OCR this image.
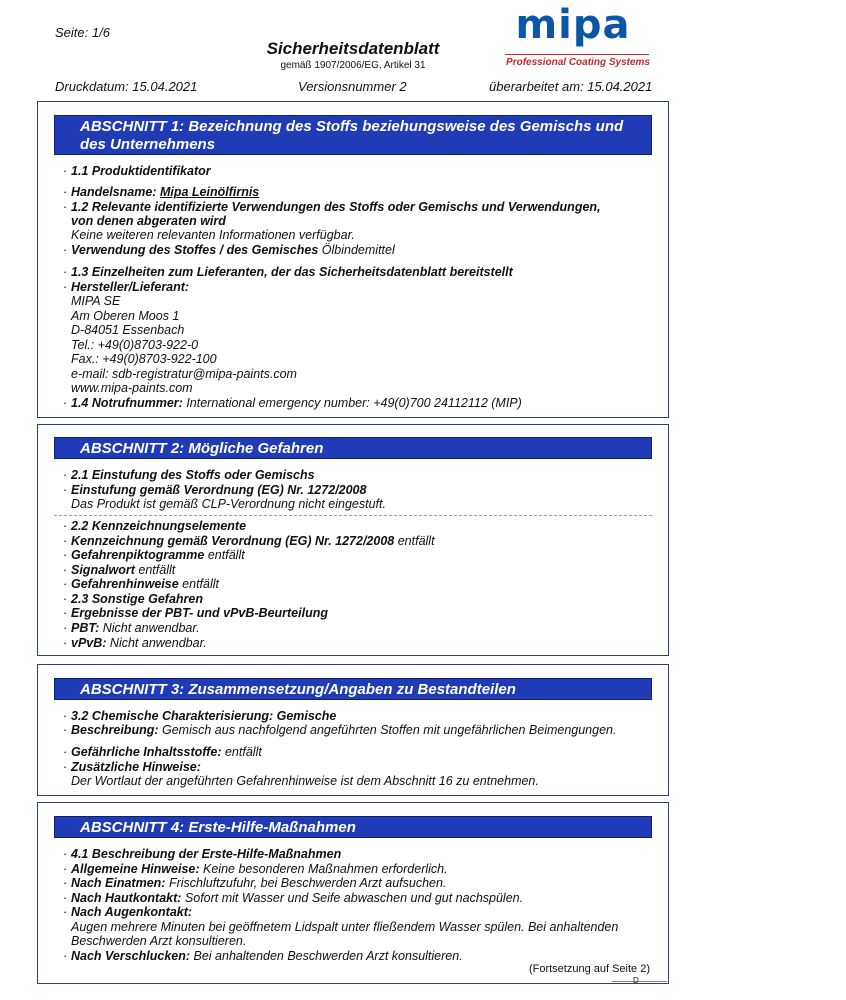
Seite: 1/6
Sicherheitsdatenblatt
gemäß 1907/2006/EG, Artikel 31
mipa
Professional Coating Systems
Druckdatum: 15.04.2021	Versionsnummer 2	überarbeitet am: 15.04.2021
ABSCHNITT 1: Bezeichnung des Stoffs beziehungsweise des Gemischs und
des Unternehmens
· 1.1 Produktidentifikator
· Handelsname: Mipa Leinölfirnis
· 1.2 Relevante identifizierte Verwendungen des Stoffs oder Gemischs und Verwendungen,
von denen abgeraten wird
Keine weiteren relevanten Informationen verfügbar.
· Verwendung des Stoffes / des Gemisches Ölbindemittel
· 1.3 Einzelheiten zum Lieferanten, der das Sicherheitsdatenblatt bereitstellt
· Hersteller/Lieferant:
MIPA SE
Am Oberen Moos 1
D-84051 Essenbach
Tel.: +49(0)8703-922-0
Fax.: +49(0)8703-922-100
e-mail: sdb-registratur@mipa-paints.com
www.mipa-paints.com
· 1.4 Notrufnummer: International emergency number: +49(0)700 24112112 (MIP)
ABSCHNITT 2: Mögliche Gefahren
· 2.1 Einstufung des Stoffs oder Gemischs
· Einstufung gemäß Verordnung (EG) Nr. 1272/2008
Das Produkt ist gemäß CLP-Verordnung nicht eingestuft.
· 2.2 Kennzeichnungselemente
· Kennzeichnung gemäß Verordnung (EG) Nr. 1272/2008 entfällt
· Gefahrenpiktogramme entfällt
· Signalwort entfällt
· Gefahrenhinweise entfällt
· 2.3 Sonstige Gefahren
· Ergebnisse der PBT- und vPvB-Beurteilung
· PBT: Nicht anwendbar.
· vPvB: Nicht anwendbar.
ABSCHNITT 3: Zusammensetzung/Angaben zu Bestandteilen
· 3.2 Chemische Charakterisierung: Gemische
· Beschreibung: Gemisch aus nachfolgend angeführten Stoffen mit ungefährlichen Beimengungen.
· Gefährliche Inhaltsstoffe: entfällt
· Zusätzliche Hinweise:
Der Wortlaut der angeführten Gefahrenhinweise ist dem Abschnitt 16 zu entnehmen.
ABSCHNITT 4: Erste-Hilfe-Maßnahmen
· 4.1 Beschreibung der Erste-Hilfe-Maßnahmen
· Allgemeine Hinweise: Keine besonderen Maßnahmen erforderlich.
· Nach Einatmen: Frischluftzufuhr, bei Beschwerden Arzt aufsuchen.
· Nach Hautkontakt: Sofort mit Wasser und Seife abwaschen und gut nachspülen.
· Nach Augenkontakt:
Augen mehrere Minuten bei geöffnetem Lidspalt unter fließendem Wasser spülen. Bei anhaltenden
Beschwerden Arzt konsultieren.
· Nach Verschlucken: Bei anhaltenden Beschwerden Arzt konsultieren.
(Fortsetzung auf Seite 2)
D
